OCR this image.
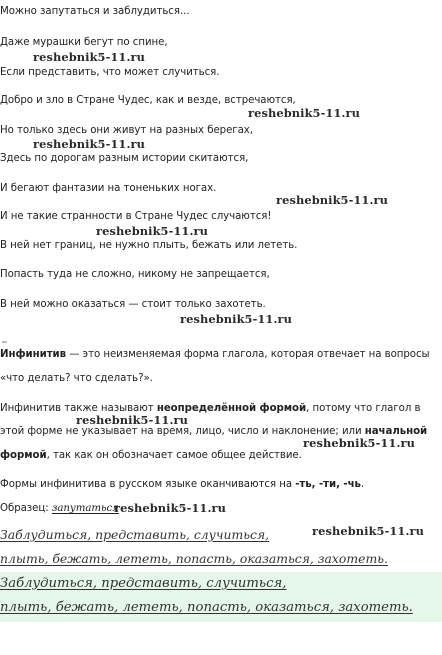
Можно запутаться и заблудиться...
Даже мурашки бегут по спине,
reshebnik5-11.ru
Если представить, что может случиться.
Добро и зло в Стране Чудес, как и везде, встречаются,
reshebnik5-11.ru
Но только здесь они живут на разных берегах,
reshebnik5-11.ru
Здесь по дорогам разным истории скитаются,
И бегают фантазии на тоненьких ногах.
reshebnik5-11.ru
И не такие странности в Стране Чудес случаются!
reshebnik5-11.ru
В ней нет границ, не нужно плыть, бежать или лететь.
Попасть туда не сложно, никому не запрещается,
В ней можно оказаться — стоит только захотеть.
reshebnik5-11.ru
Инфинитив — это неизменяемая форма глагола, которая отвечает на вопросы
«что делать? что сделать?».
Инфинитив также называют неопределённой формой, потому что глагол в
reshebnik5-11.ru
этой форме не указывает на время, лицо, число и наклонение; или начальной
reshebnik5-11.ru
формой, так как он обозначает самое общее действие.
Формы инфинитива в русском языке оканчиваются на -ть, -ти, -чь.
Образец: запутаться
reshebnik5-11.ru
Заблудиться, представить, случиться,	reshebnik5-11.ru
плыть, бежать, лететь, попасть, оказаться, захотеть.
Заблудиться, представить, случиться,
плыть, бежать, лететь, попасть, оказаться, захотеть.
